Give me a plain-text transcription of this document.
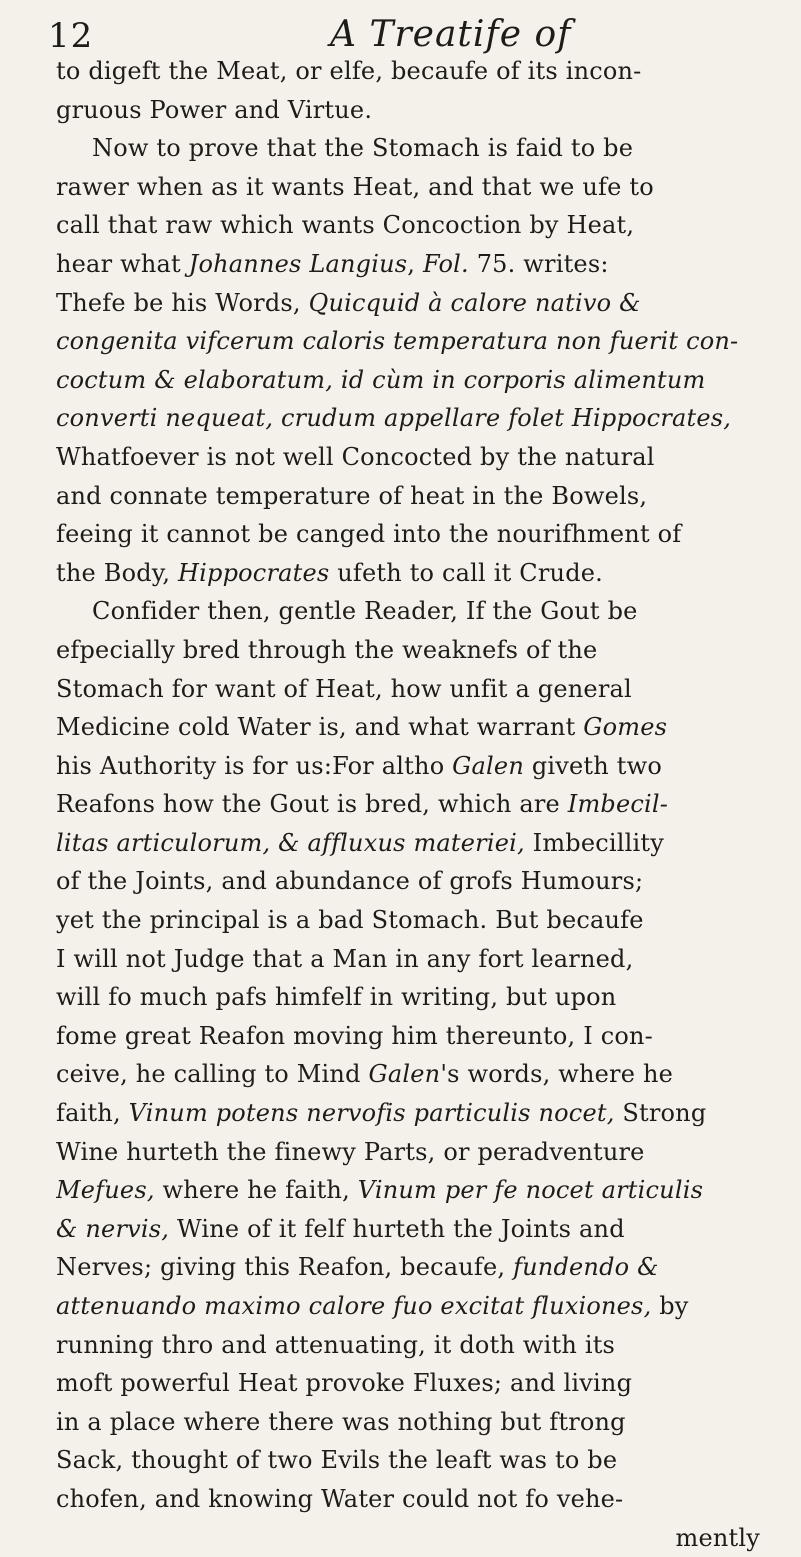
12	A Treatife of
to digeft the Meat, or elfe, becaufe of its incon-
gruous Power and Virtue.
Now to prove that the Stomach is faid to be
rawer when as it wants Heat, and that we ufe to
call that raw which wants Concoction by Heat,
hear what Johannes Langius, Fol. 75. writes:
Thefe be his Words, Quicquid à calore nativo &
congenita vifcerum caloris temperatura non fuerit con-
coctum & elaboratum, id cùm in corporis alimentum
converti nequeat, crudum appellare folet Hippocrates,
Whatfoever is not well Concocted by the natural
and connate temperature of heat in the Bowels,
feeing it cannot be canged into the nourifhment of
the Body, Hippocrates ufeth to call it Crude.
Confider then, gentle Reader, If the Gout be
efpecially bred through the weaknefs of the
Stomach for want of Heat, how unfit a general
Medicine cold Water is, and what warrant Gomes
his Authority is for us:For altho Galen giveth two
Reafons how the Gout is bred, which are Imbecil-
litas articulorum, & affluxus materiei, Imbecillity
of the Joints, and abundance of grofs Humours;
yet the principal is a bad Stomach. But becaufe
I will not Judge that a Man in any fort learned,
will fo much pafs himfelf in writing, but upon
fome great Reafon moving him thereunto, I con-
ceive, he calling to Mind Galen's words, where he
faith, Vinum potens nervofis particulis nocet, Strong
Wine hurteth the finewy Parts, or peradventure
Mefues, where he faith, Vinum per fe nocet articulis
& nervis, Wine of it felf hurteth the Joints and
Nerves; giving this Reafon, becaufe, fundendo &
attenuando maximo calore fuo excitat fluxiones, by
running thro and attenuating, it doth with its
moft powerful Heat provoke Fluxes; and living
in a place where there was nothing but ftrong
Sack, thought of two Evils the leaft was to be
chofen, and knowing Water could not fo vehe-
mently
